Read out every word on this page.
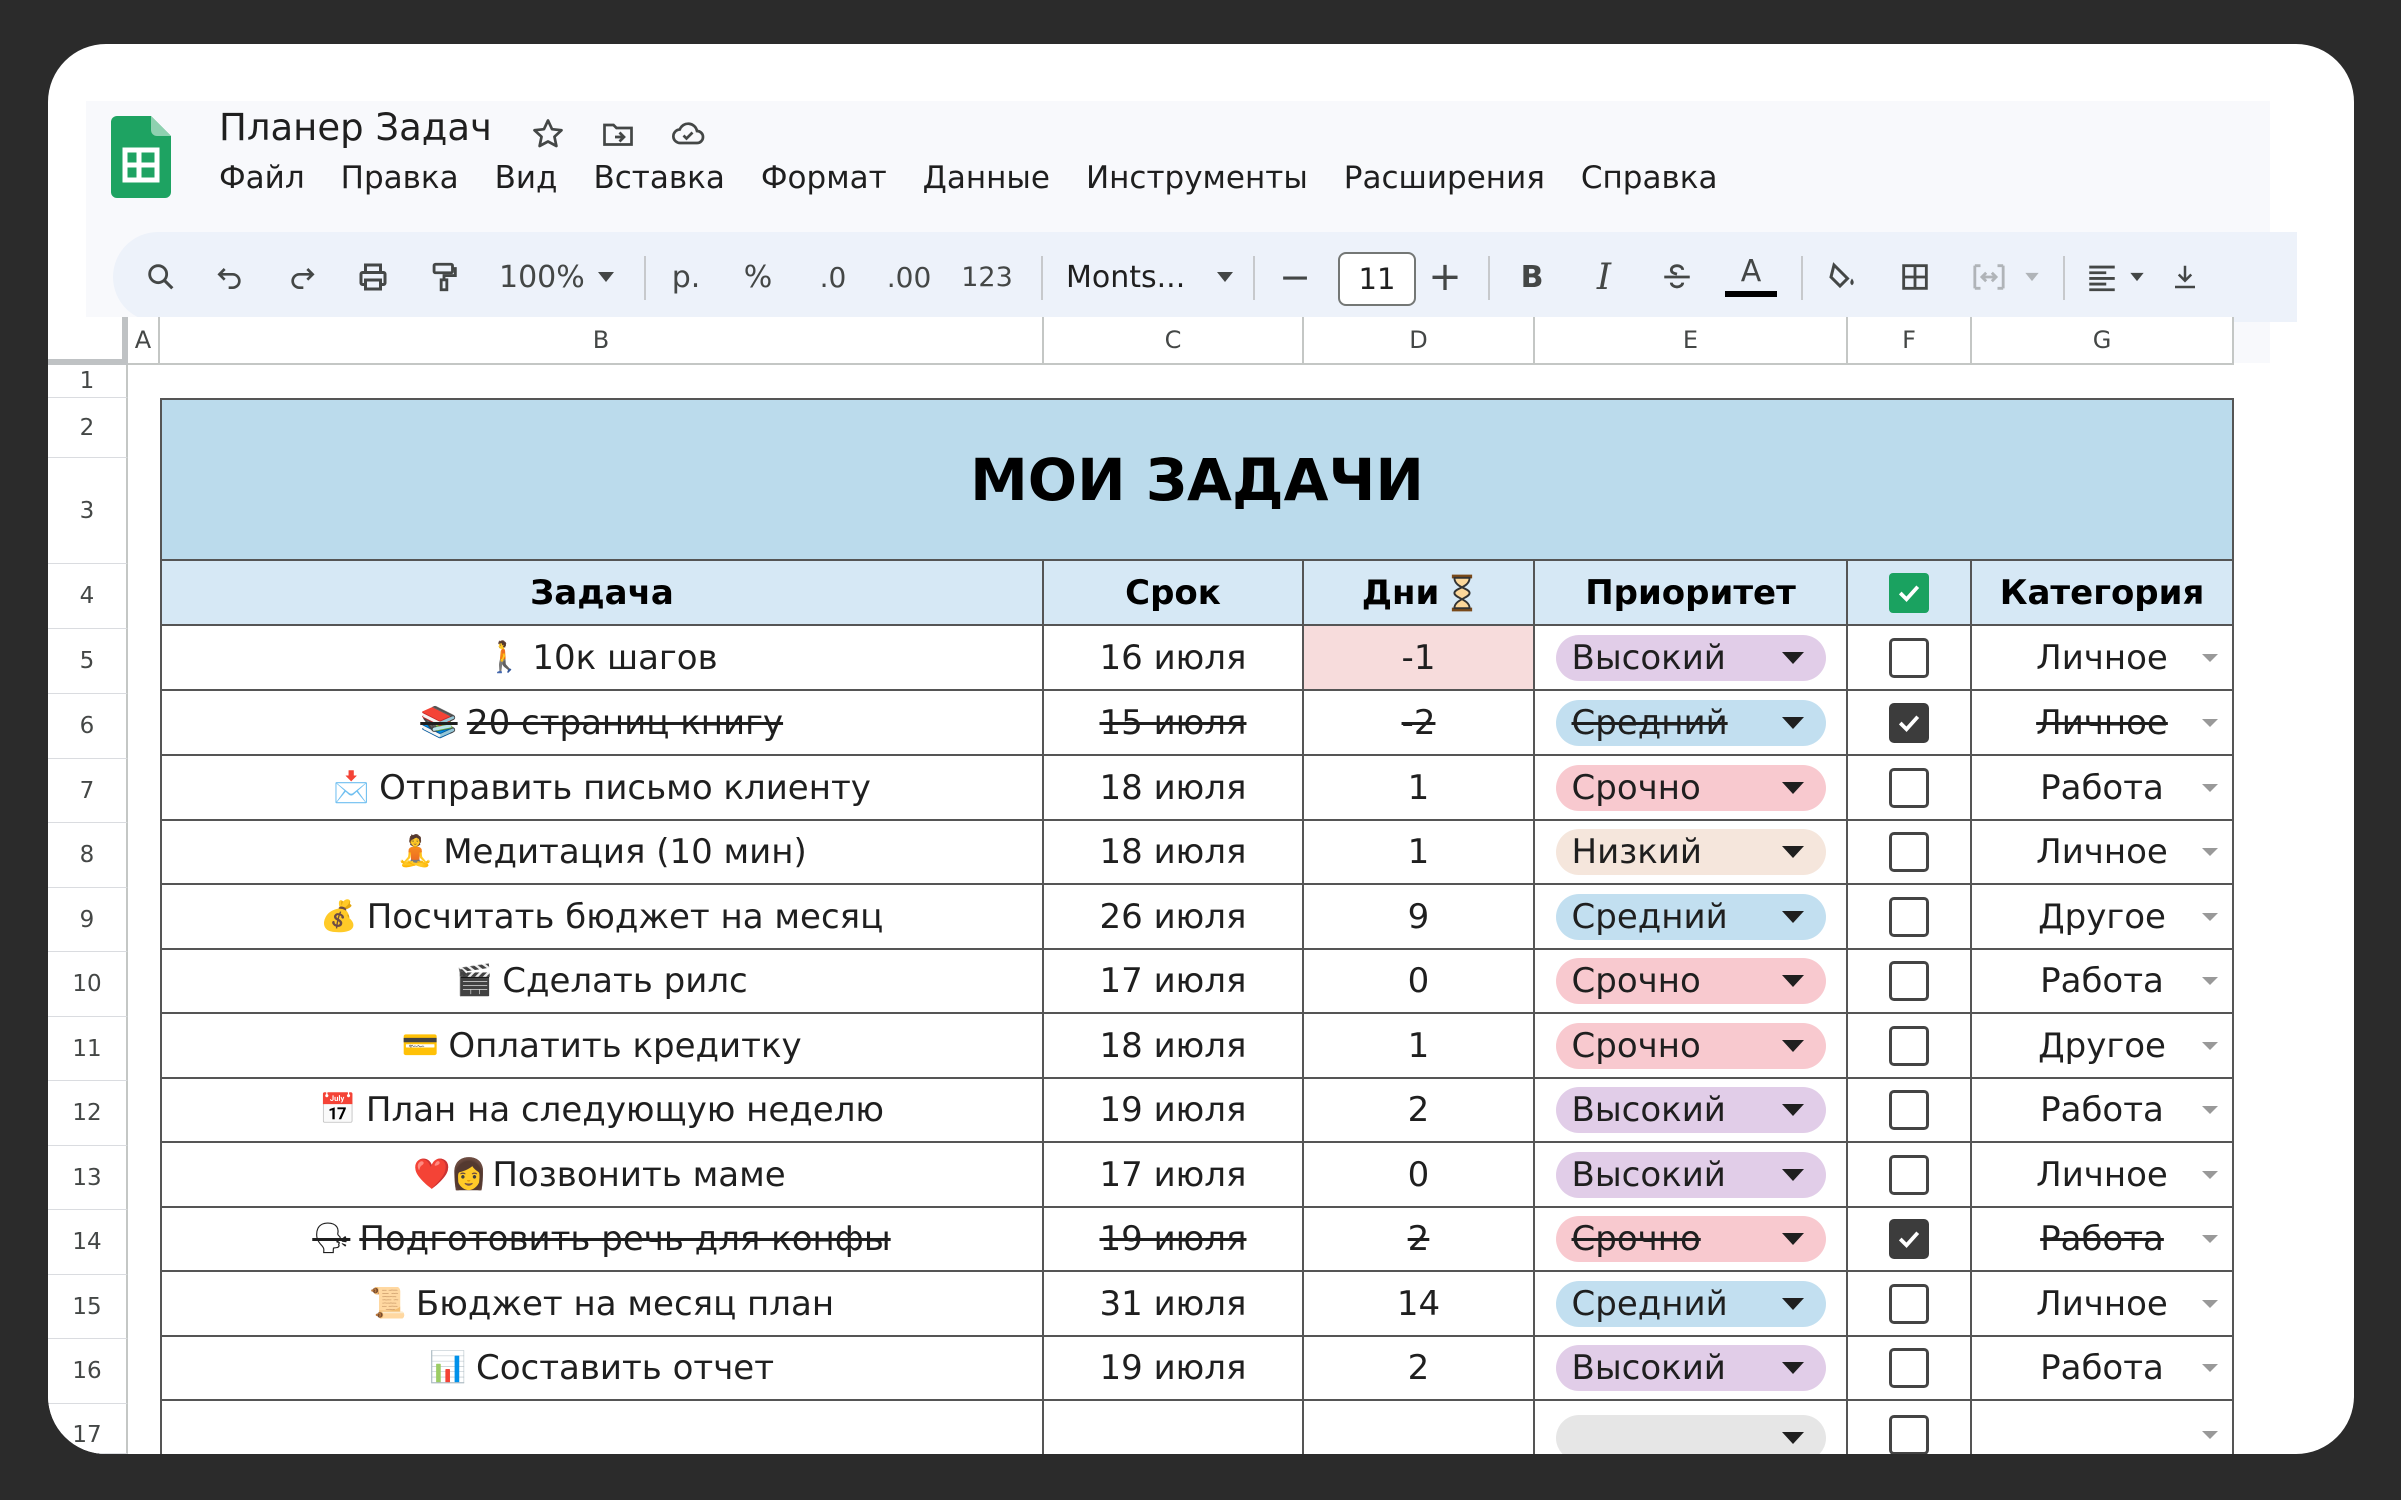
Планер Задач
Файл Правка Вид Вставка Формат Данные Инструменты Расширения Справка
100%	р. % .0 .00 123 Monts... −	11 + B I	A
A	B	C	D	E	F	G
1
2
3
4
5
6
7
8
9
10
11
12
13
14
15
16
17
МОИ ЗАДАЧИ
Задача	Срок	Дни	Приоритет	Категория
🚶 10к шагов	16 июля	-1	Высокий	Личное
📚 20 страниц книгу	15 июля	-2	Средний	Личное
📩 Отправить письмо клиенту	18 июля	1	Срочно	Работа
🧘 Медитация (10 мин)	18 июля	1	Низкий	Личное
💰 Посчитать бюджет на месяц	26 июля	9	Средний	Другое
🎬 Сделать рилс	17 июля	0	Срочно	Работа
💳 Оплатить кредитку	18 июля	1	Срочно	Другое
📅 План на следующую неделю	19 июля	2	Высокий	Работа
❤️👩 Позвонить маме	17 июля	0	Высокий	Личное
🗣 Подготовить речь для конфы	19 июля	2	Срочно	Работа
📜 Бюджет на месяц план	31 июля	14	Средний	Личное
📊 Составить отчет	19 июля	2	Высокий	Работа
